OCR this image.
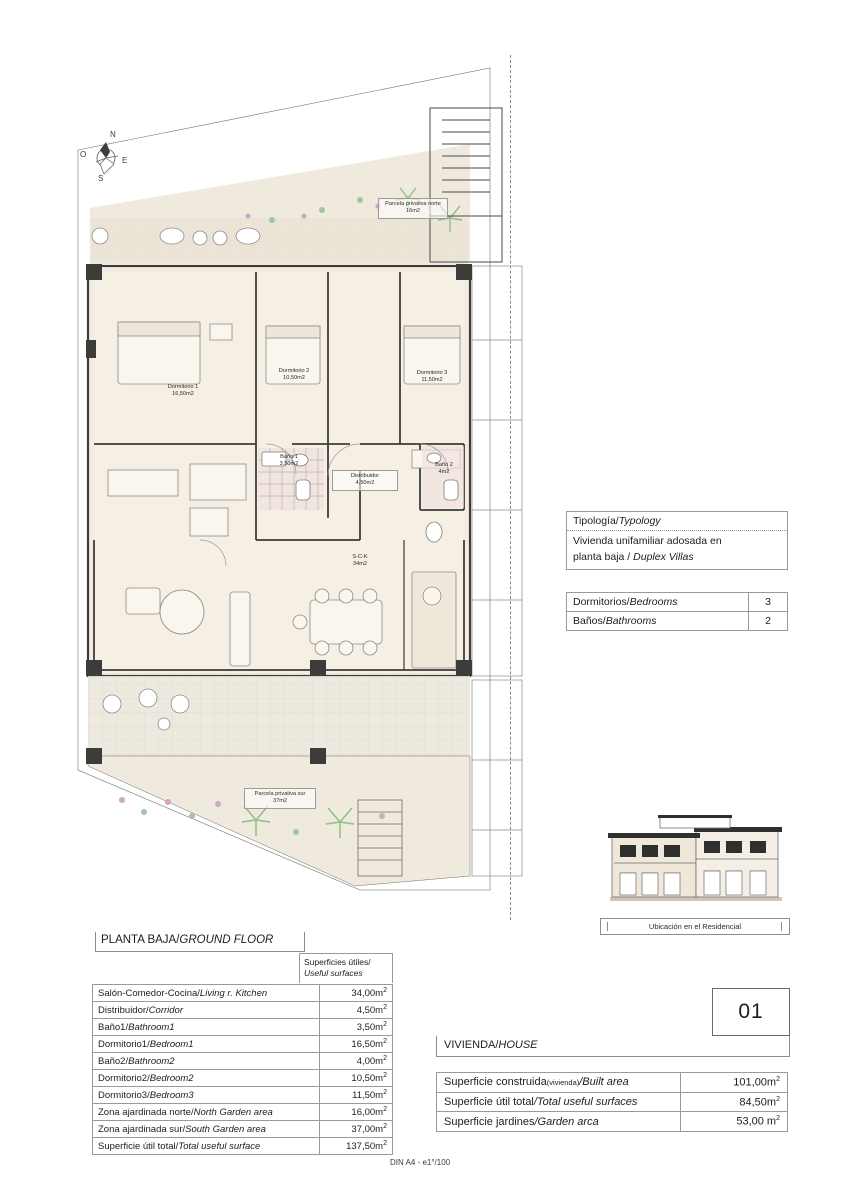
Parcela privativa norte
16m2
Dormitorio 1
16,50m2
Dormitorio 2
10,50m2
Dormitorio 3
11,50m2
Baño 1
3,50m2
Distribuidor
4,50m2
Baño 2
4m2
S-C-K
34m2
Parcela privativa sur
37m2
N
E
S
O
Tipología/Typology
Vivienda unifamiliar adosada en
planta baja / Duplex Villas
Dormitorios/Bedrooms	3
Baños/Bathrooms	2
Ubicación en el Residencial
01
VIVIENDA/HOUSE
Superficie construida(vivienda)/Built area	$101,00m^2$
Superficie útil total/Total useful surfaces	$84,50m^2$
Superficie jardines/Garden arca	53,00 $m^2$
PLANTA BAJA/GROUND FLOOR
Superficies útiles/
Useful surfaces
Salón-Comedor-Cocina/Living r. Kitchen	$34,00m^2$
Distribuidor/Corridor	$4,50m^2$
Baño1/Bathroom1	$3,50m^2$
Dormitorio1/Bedroom1	$16,50m^2$
Baño2/Bathroom2	$4,00m^2$
Dormitorio2/Bedroom2	$10,50m^2$
Dormitorio3/Bedroom3	$11,50m^2$
Zona ajardinada norte/North Garden area	$16,00m^2$
Zona ajardinada sur/South Garden area	$37,00m^2$
Superficie útil total/Total useful surface	$137,50m^2$
DIN A4 - e1°/100
